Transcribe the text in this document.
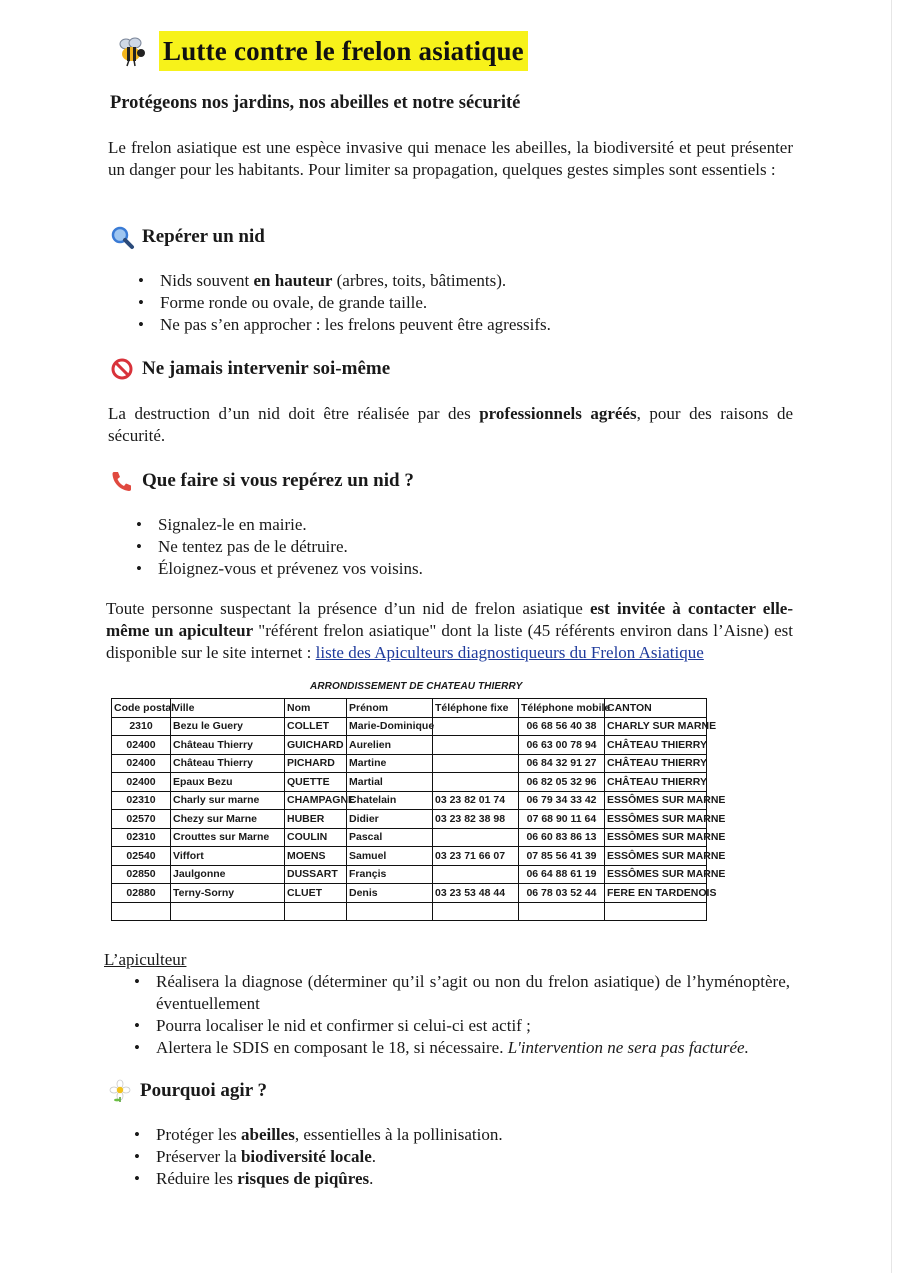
Lutte contre le frelon asiatique
Protégeons nos jardins, nos abeilles et notre sécurité
Le frelon asiatique est une espèce invasive qui menace les abeilles, la biodiversité et peut présenter un danger pour les habitants. Pour limiter sa propagation, quelques gestes simples sont essentiels :
Repérer un nid
• Nids souvent en hauteur (arbres, toits, bâtiments).
• Forme ronde ou ovale, de grande taille.
• Ne pas s’en approcher : les frelons peuvent être agressifs.
Ne jamais intervenir soi-même
La destruction d’un nid doit être réalisée par des professionnels agréés, pour des raisons de sécurité.
Que faire si vous repérez un nid ?
• Signalez-le en mairie.
• Ne tentez pas de le détruire.
• Éloignez-vous et prévenez vos voisins.
Toute personne suspectant la présence d’un nid de frelon asiatique est invitée à contacter elle-même un apiculteur "référent frelon asiatique" dont la liste (45 référents environ dans l’Aisne) est disponible sur le site internet : liste des Apiculteurs diagnostiqueurs du Frelon Asiatique
ARRONDISSEMENT DE CHATEAU THIERRY
Code postal	Ville	Nom	Prénom	Téléphone fixe	Téléphone mobile	CANTON
2310	Bezu le Guery	COLLET	Marie-Dominique		06 68 56 40 38	CHARLY SUR MARNE
02400	Château Thierry	GUICHARD	Aurelien		06 63 00 78 94	CHÂTEAU THIERRY
02400	Château Thierry	PICHARD	Martine		06 84 32 91 27	CHÂTEAU THIERRY
02400	Epaux Bezu	QUETTE	Martial		06 82 05 32 96	CHÂTEAU THIERRY
02310	Charly sur marne	CHAMPAGNE	Chatelain	03 23 82 01 74	06 79 34 33 42	ESSÔMES SUR MARNE
02570	Chezy sur Marne	HUBER	Didier	03 23 82 38 98	07 68 90 11 64	ESSÔMES SUR MARNE
02310	Crouttes sur Marne	COULIN	Pascal		06 60 83 86 13	ESSÔMES SUR MARNE
02540	Viffort	MOENS	Samuel	03 23 71 66 07	07 85 56 41 39	ESSÔMES SUR MARNE
02850	Jaulgonne	DUSSART	Françis		06 64 88 61 19	ESSÔMES SUR MARNE
02880	Terny-Sorny	CLUET	Denis	03 23 53 48 44	06 78 03 52 44	FERE EN TARDENOIS

L’apiculteur
• Réalisera la diagnose (déterminer qu’il s’agit ou non du frelon asiatique) de l’hyménoptère, éventuellement
• Pourra localiser le nid et confirmer si celui-ci est actif ;
• Alertera le SDIS en composant le 18, si nécessaire. L'intervention ne sera pas facturée.
Pourquoi agir ?
• Protéger les abeilles, essentielles à la pollinisation.
• Préserver la biodiversité locale.
• Réduire les risques de piqûres.
